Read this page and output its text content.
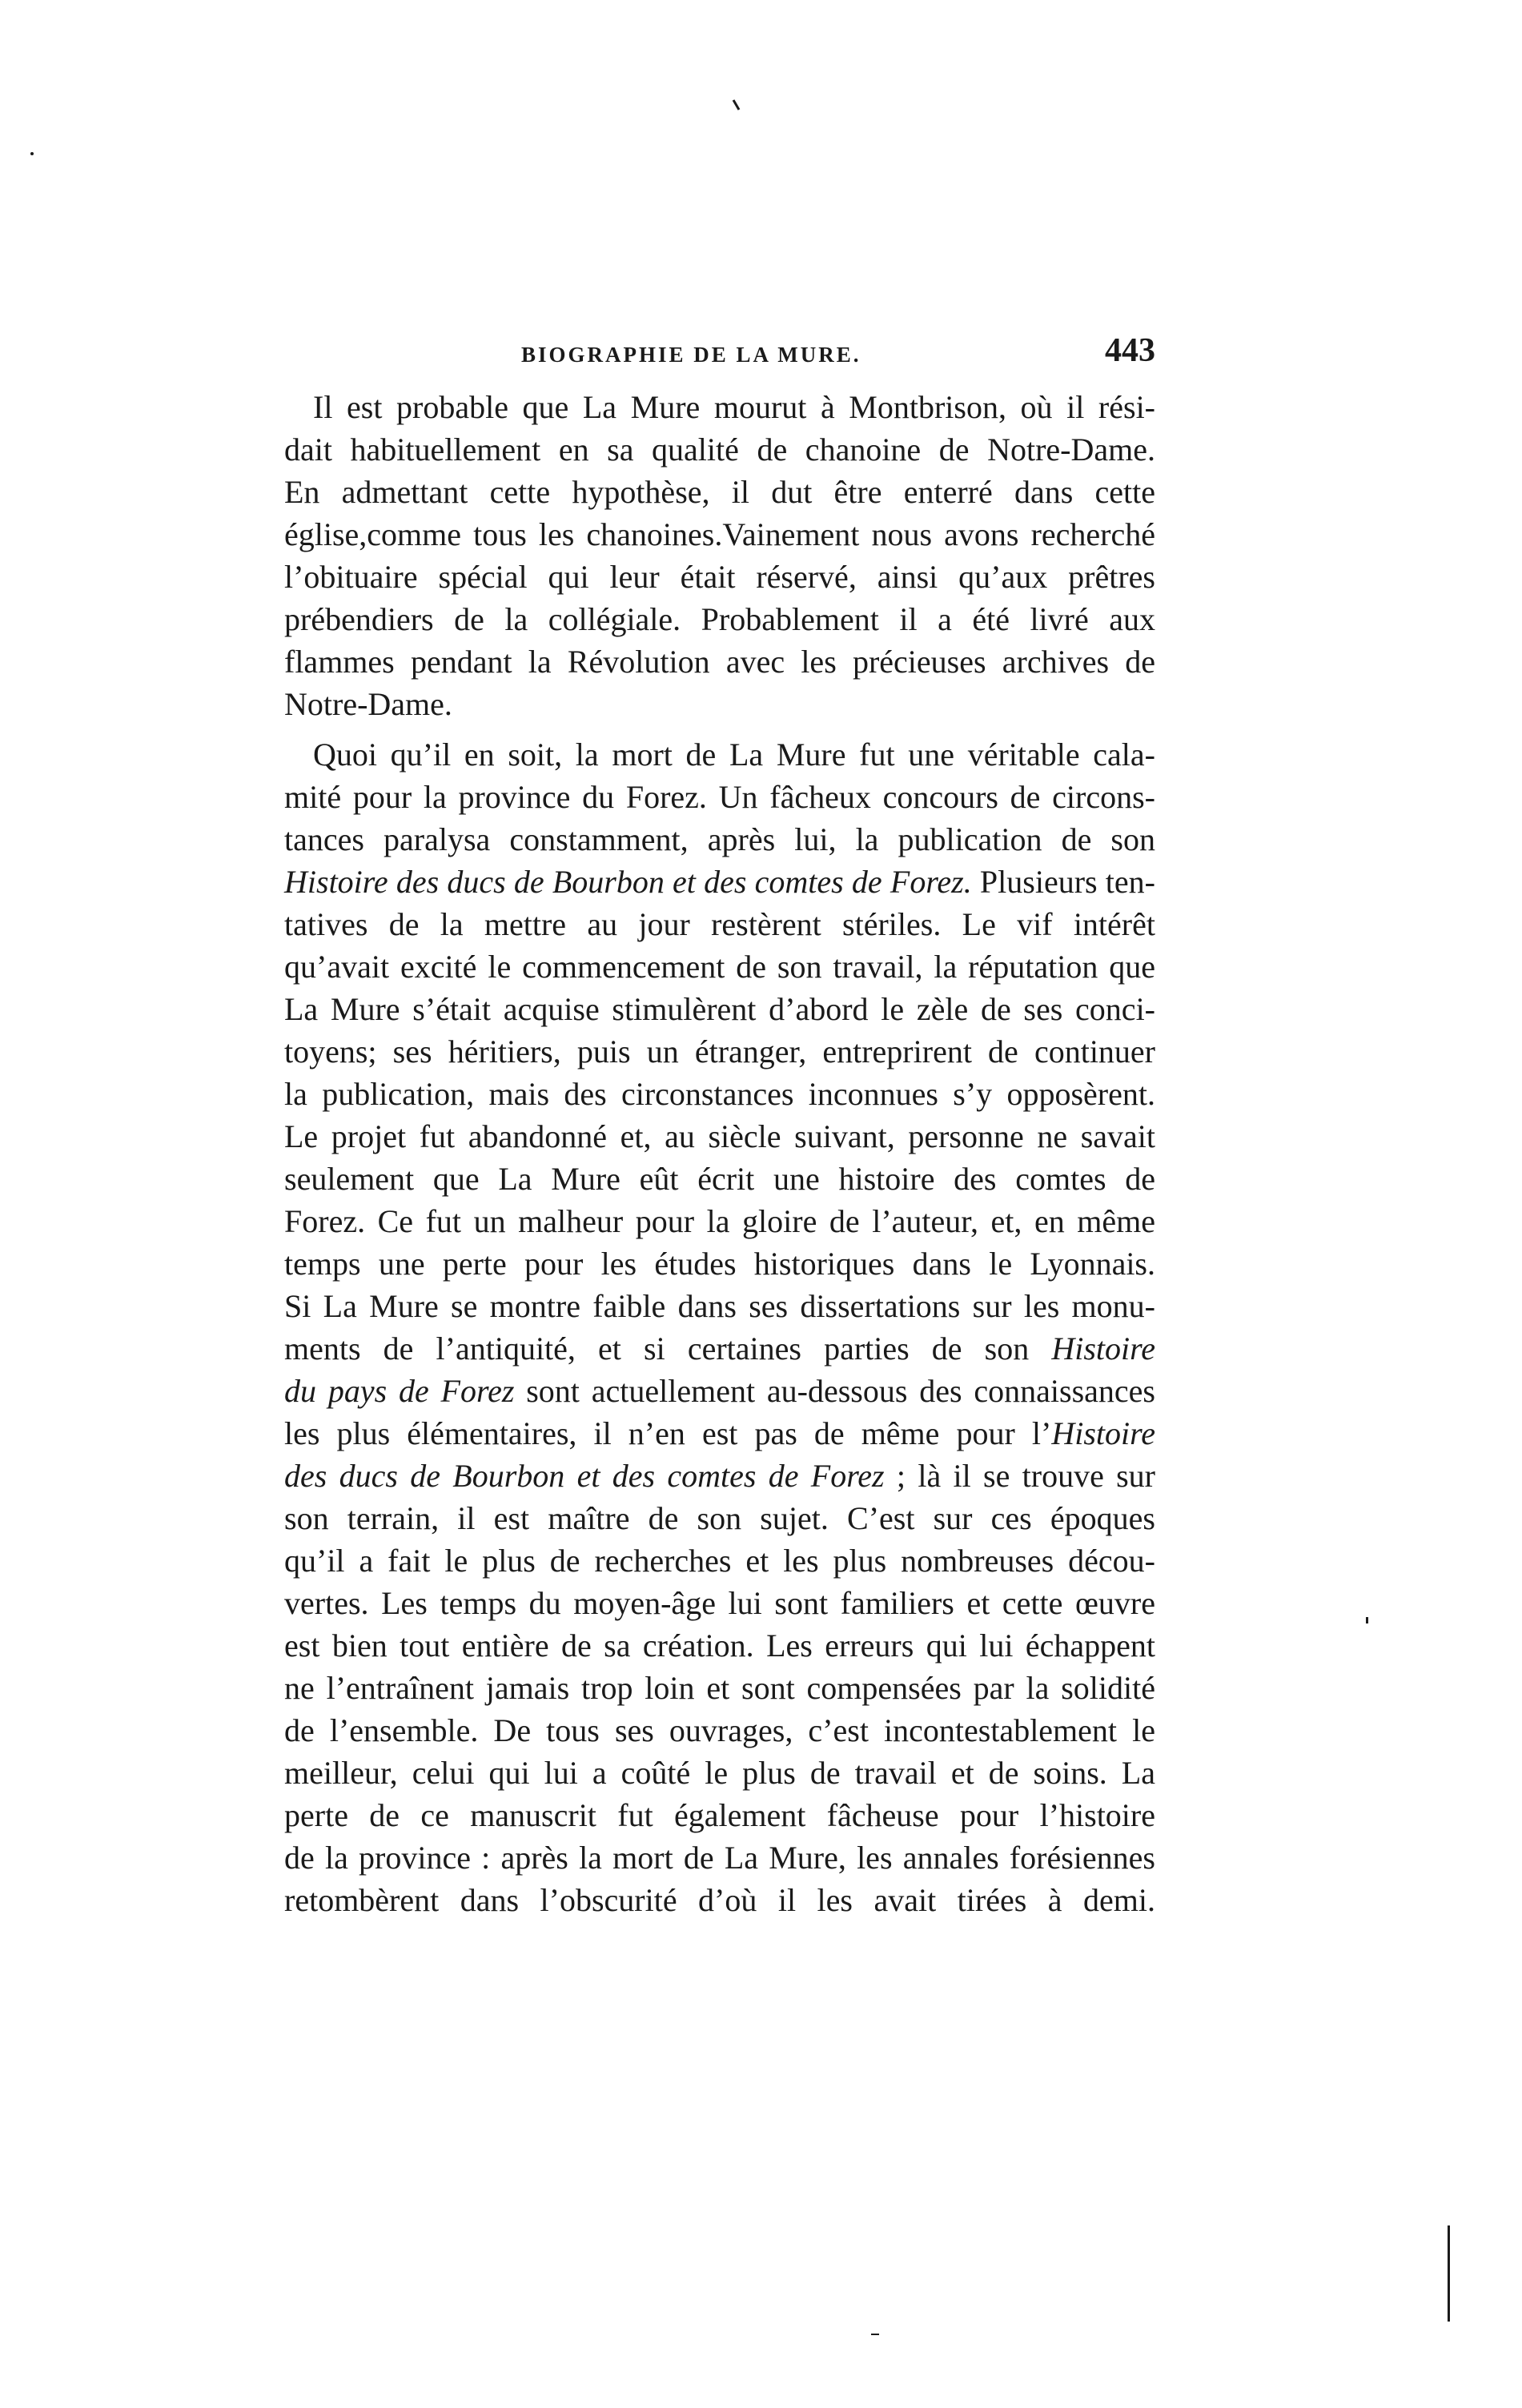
BIOGRAPHIE DE LA MURE.	443
Il est probable que La Mure mourut à Montbrison, où il rési-
dait habituellement en sa qualité de chanoine de Notre-Dame.
En admettant cette hypothèse, il dut être enterré dans cette
église,comme tous les chanoines.Vainement nous avons recherché
l’obituaire spécial qui leur était réservé, ainsi qu’aux prêtres
prébendiers de la collégiale. Probablement il a été livré aux
flammes pendant la Révolution avec les précieuses archives de
Notre-Dame.
Quoi qu’il en soit, la mort de La Mure fut une véritable cala-
mité pour la province du Forez. Un fâcheux concours de circons-
tances paralysa constamment, après lui, la publication de son
Histoire des ducs de Bourbon et des comtes de Forez. Plusieurs ten-
tatives de la mettre au jour restèrent stériles. Le vif intérêt
qu’avait excité le commencement de son travail, la réputation que
La Mure s’était acquise stimulèrent d’abord le zèle de ses conci-
toyens; ses héritiers, puis un étranger, entreprirent de continuer
la publication, mais des circonstances inconnues s’y opposèrent.
Le projet fut abandonné et, au siècle suivant, personne ne savait
seulement que La Mure eût écrit une histoire des comtes de
Forez. Ce fut un malheur pour la gloire de l’auteur, et, en même
temps une perte pour les études historiques dans le Lyonnais.
Si La Mure se montre faible dans ses dissertations sur les monu-
ments de l’antiquité, et si certaines parties de son Histoire
du pays de Forez sont actuellement au-dessous des connaissances
les plus élémentaires, il n’en est pas de même pour l’Histoire
des ducs de Bourbon et des comtes de Forez ; là il se trouve sur
son terrain, il est maître de son sujet. C’est sur ces époques
qu’il a fait le plus de recherches et les plus nombreuses décou-
vertes. Les temps du moyen-âge lui sont familiers et cette œuvre
est bien tout entière de sa création. Les erreurs qui lui échappent
ne l’entraînent jamais trop loin et sont compensées par la solidité
de l’ensemble. De tous ses ouvrages, c’est incontestablement le
meilleur, celui qui lui a coûté le plus de travail et de soins. La
perte de ce manuscrit fut également fâcheuse pour l’histoire
de la province : après la mort de La Mure, les annales forésiennes
retombèrent dans l’obscurité d’où il les avait tirées à demi.
